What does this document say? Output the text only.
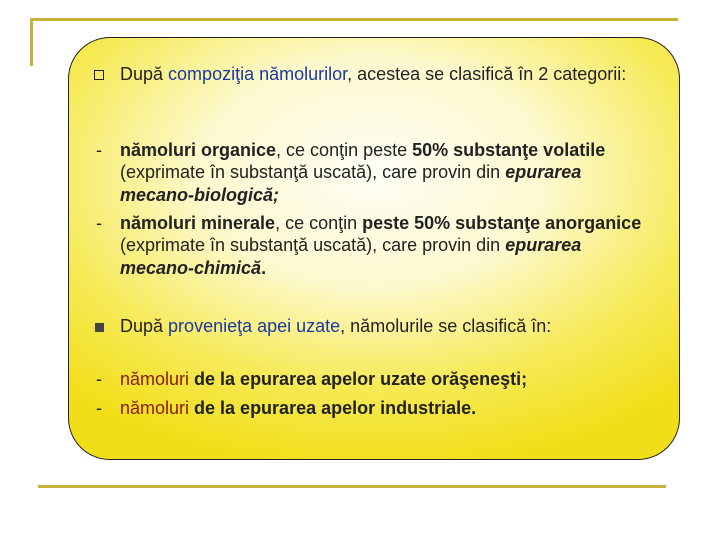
După compoziţia nămolurilor, acestea se clasifică în 2 categorii:
-	nămoluri organice, ce conţin peste 50% substanţe volatile (exprimate în substanţă uscată), care provin din epurarea mecano-biologică;
-	nămoluri minerale, ce conţin peste 50% substanţe anorganice (exprimate în substanţă uscată), care provin din epurarea mecano-chimică.
După provenieţa apei uzate, nămolurile se clasifică în:
-	nămoluri de la epurarea apelor uzate orăşeneşti;
-	nămoluri de la epurarea apelor industriale.
